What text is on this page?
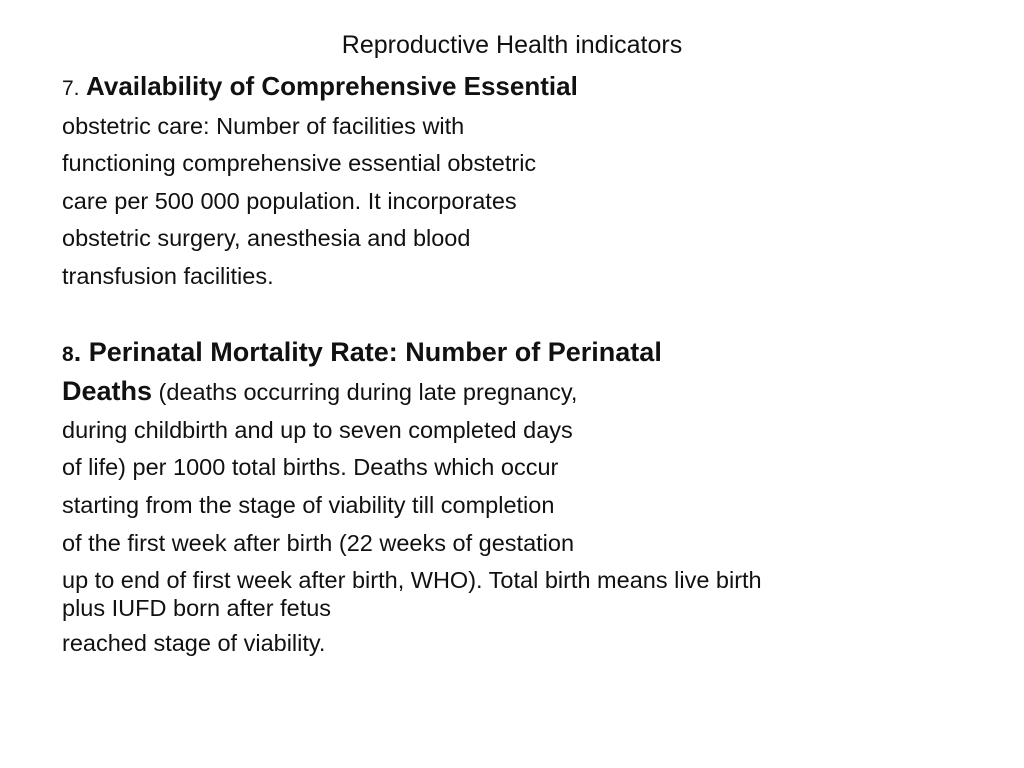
Reproductive Health indicators
7. Availability of Comprehensive Essential
obstetric care: Number of facilities with
functioning comprehensive essential obstetric
care per 500 000 population. It incorporates
obstetric surgery, anesthesia and blood
transfusion facilities.
8. Perinatal Mortality Rate: Number of Perinatal
Deaths (deaths occurring during late pregnancy,
during childbirth and up to seven completed days
of life) per 1000 total births. Deaths which occur
starting from the stage of viability till completion
of the first week after birth (22 weeks of gestation
up to end of first week after birth, WHO). Total birth means live birth
plus IUFD born after fetus
reached stage of viability.
